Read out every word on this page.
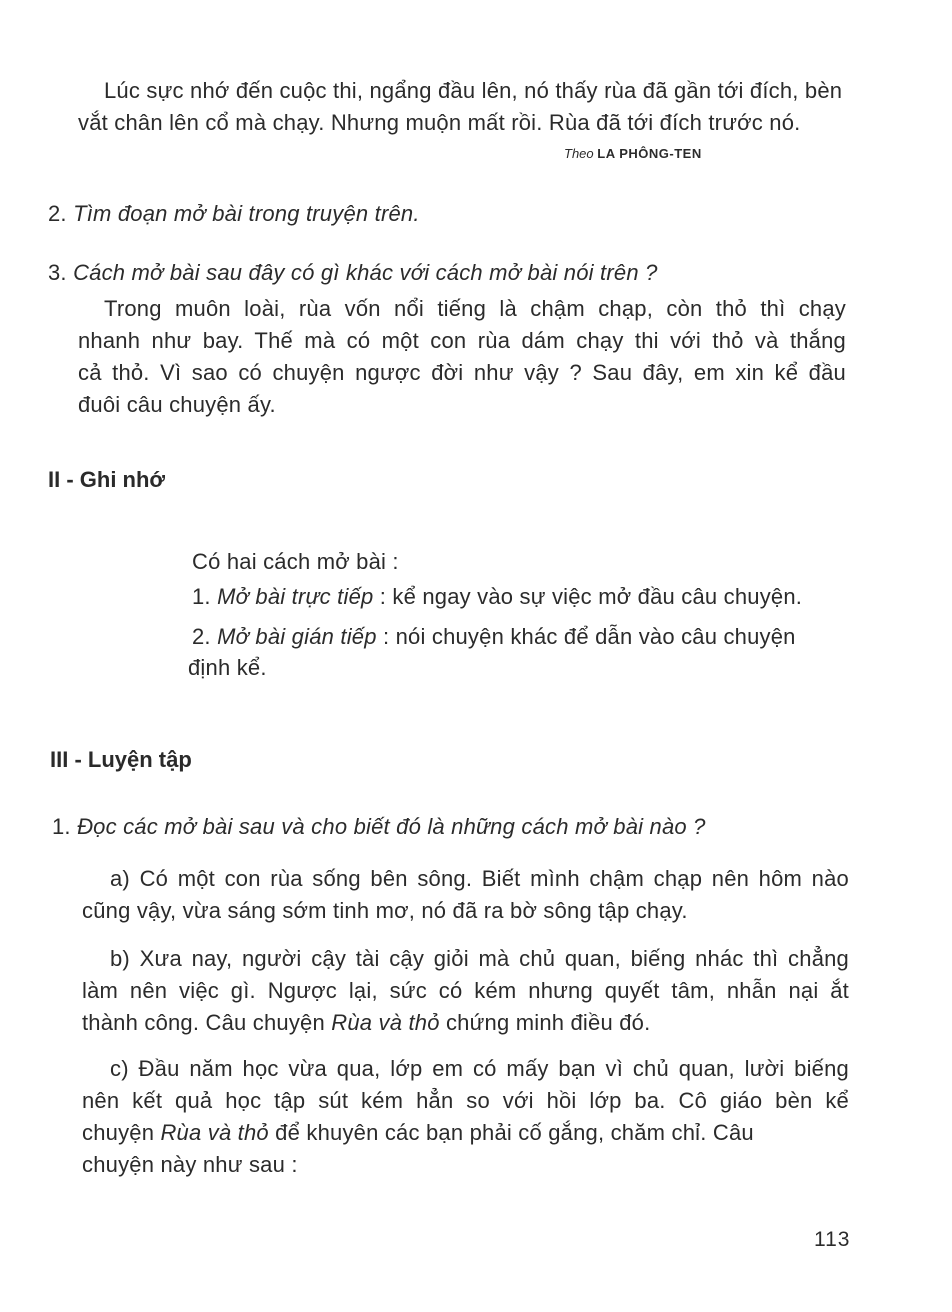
Lúc sực nhớ đến cuộc thi, ngẩng đầu lên, nó thấy rùa đã gần tới đích, bèn
vắt chân lên cổ mà chạy. Nhưng muộn mất rồi. Rùa đã tới đích trước nó.
Theo LA PHÔNG-TEN
2. Tìm đoạn mở bài trong truyện trên.
3. Cách mở bài sau đây có gì khác với cách mở bài nói trên ?
Trong muôn loài, rùa vốn nổi tiếng là chậm chạp, còn thỏ thì chạy
nhanh như bay. Thế mà có một con rùa dám chạy thi với thỏ và thắng
cả thỏ. Vì sao có chuyện ngược đời như vậy ? Sau đây, em xin kể đầu
đuôi câu chuyện ấy.
II - Ghi nhớ
Có hai cách mở bài :
1. Mở bài trực tiếp : kể ngay vào sự việc mở đầu câu chuyện.
2. Mở bài gián tiếp : nói chuyện khác để dẫn vào câu chuyện
định kể.
III - Luyện tập
1. Đọc các mở bài sau và cho biết đó là những cách mở bài nào ?
a) Có một con rùa sống bên sông. Biết mình chậm chạp nên hôm nào
cũng vậy, vừa sáng sớm tinh mơ, nó đã ra bờ sông tập chạy.
b) Xưa nay, người cậy tài cậy giỏi mà chủ quan, biếng nhác thì chẳng
làm nên việc gì. Ngược lại, sức có kém nhưng quyết tâm, nhẫn nại ắt
thành công. Câu chuyện Rùa và thỏ chứng minh điều đó.
c) Đầu năm học vừa qua, lớp em có mấy bạn vì chủ quan, lười biếng
nên kết quả học tập sút kém hẳn so với hồi lớp ba. Cô giáo bèn kể
chuyện Rùa và thỏ để khuyên các bạn phải cố gắng, chăm chỉ. Câu
chuyện này như sau :
113
